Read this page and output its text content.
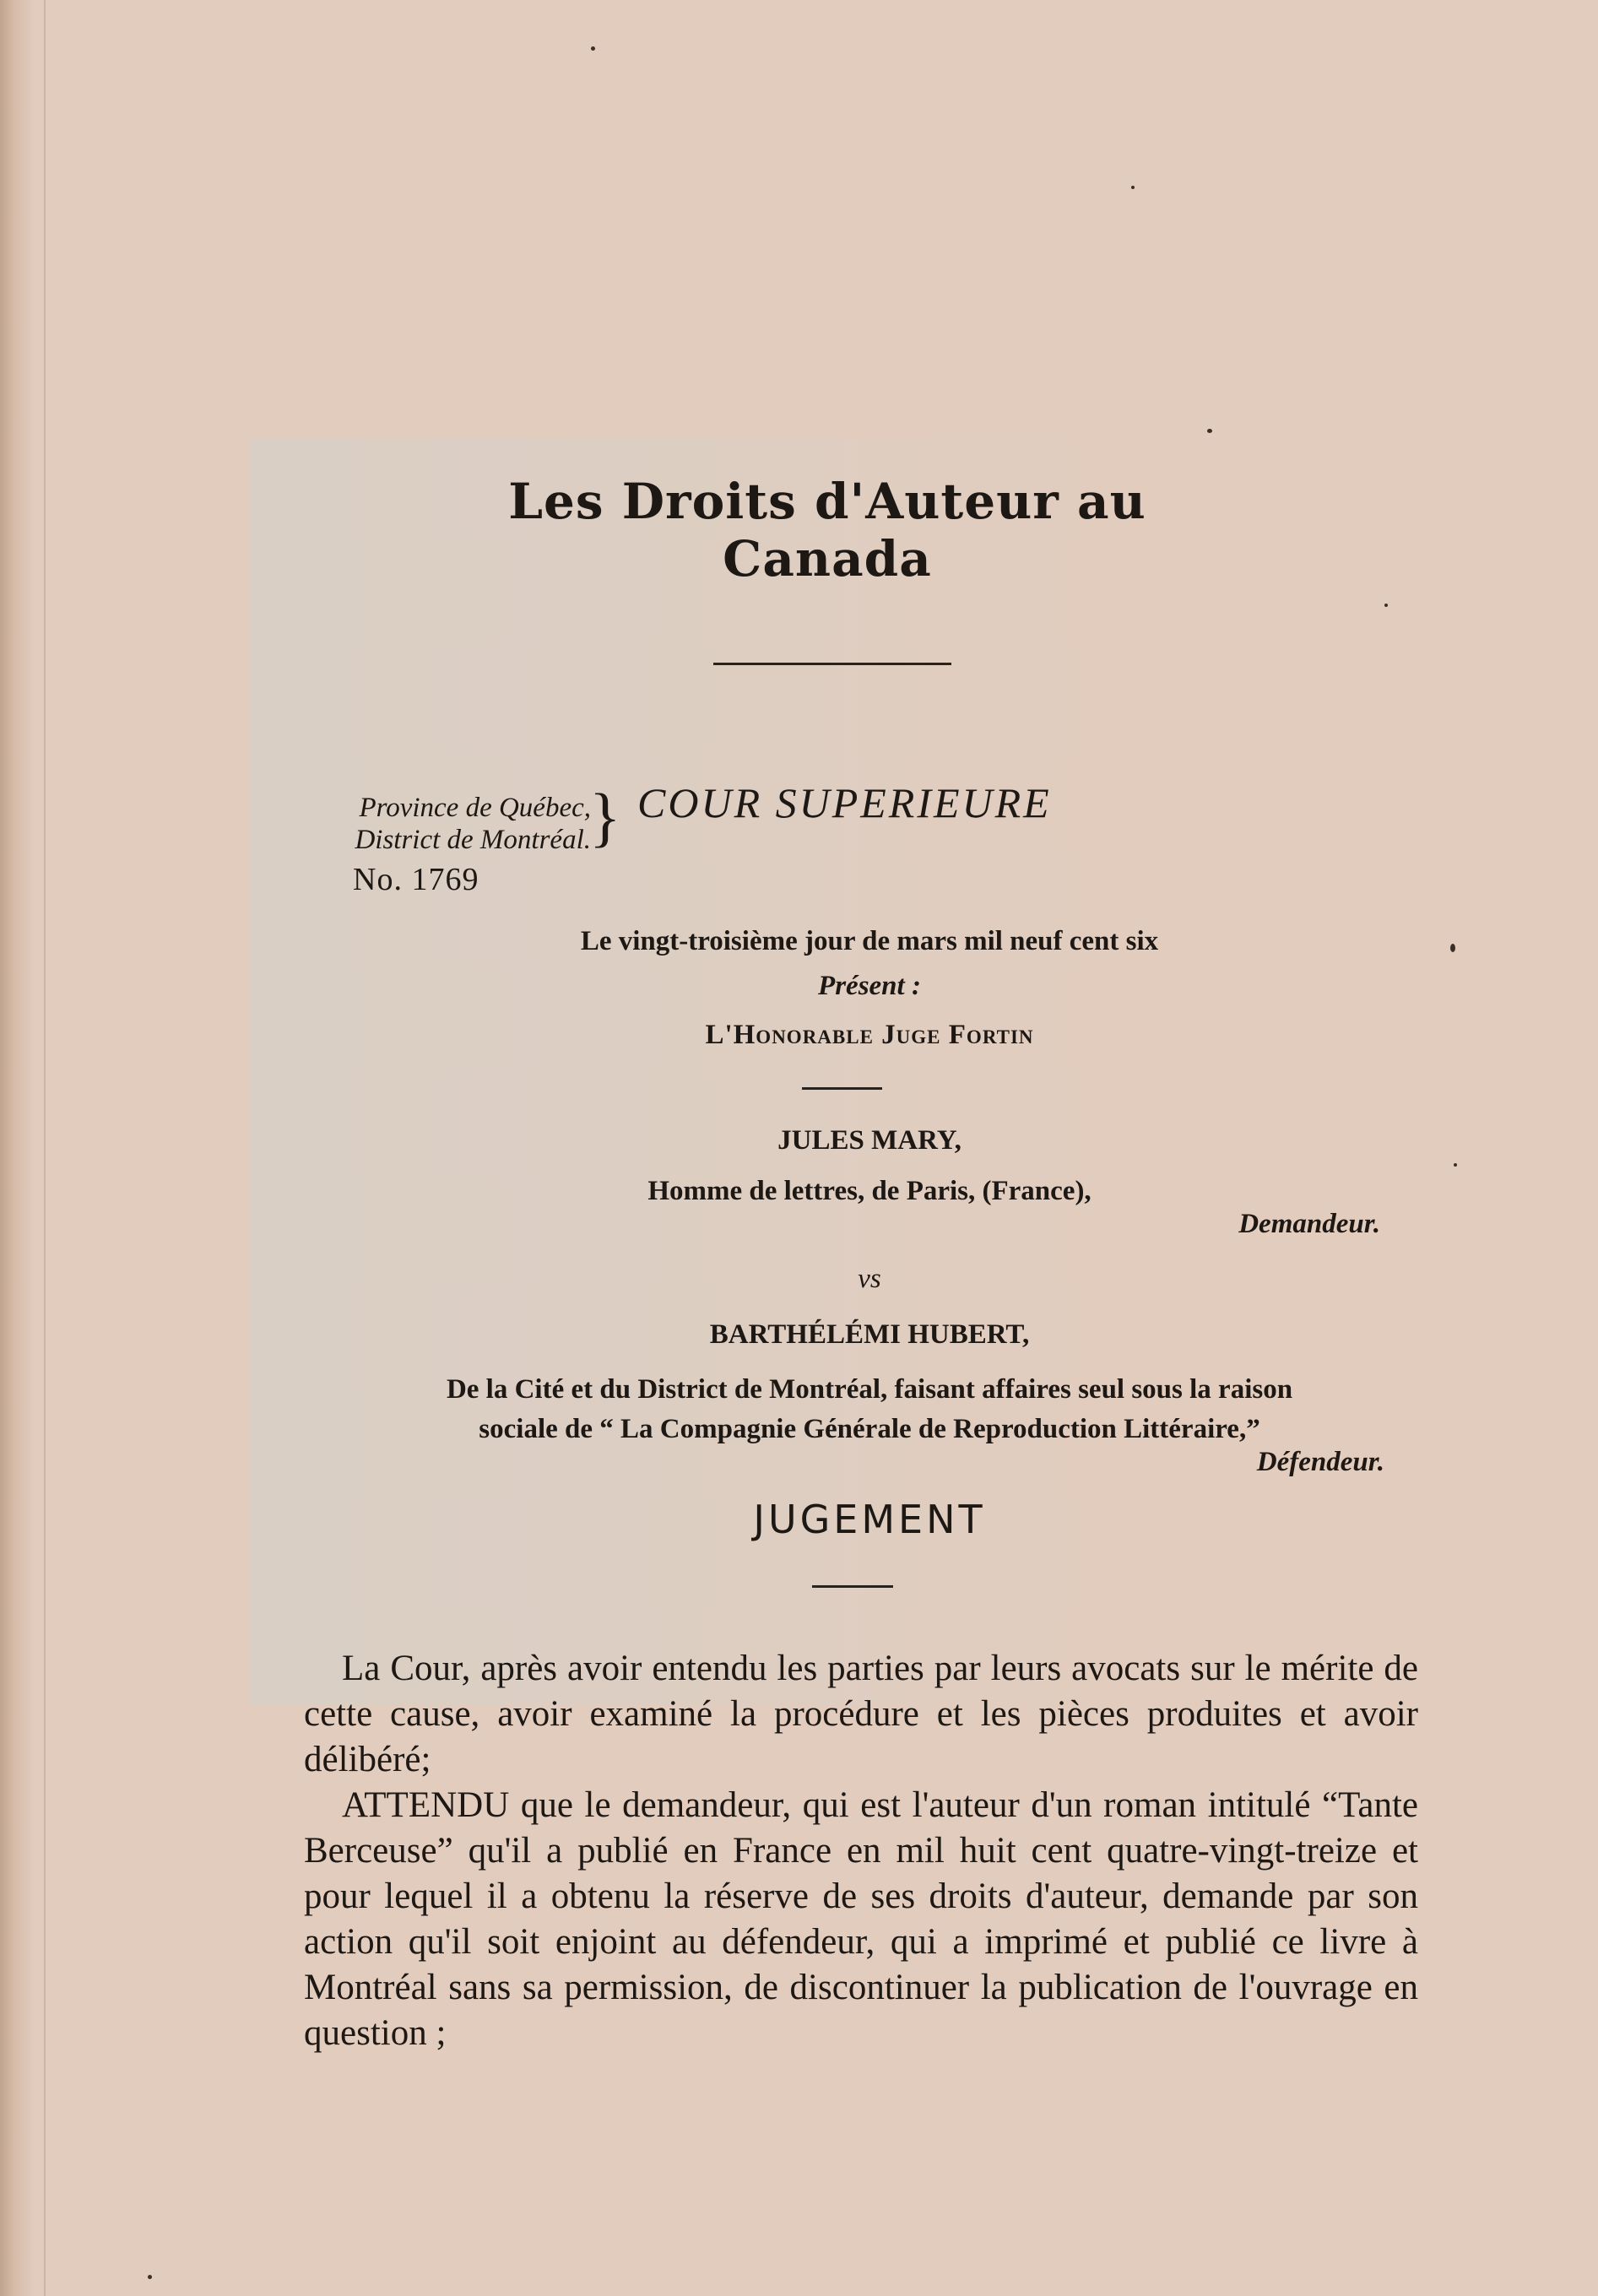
Les Droits d'Auteur au Canada
Province de Québec,
District de Montréal.
} COUR SUPERIEURE
No. 1769
Le vingt-troisième jour de mars mil neuf cent six
Présent :
L'Honorable Juge Fortin
JULES MARY,
Homme de lettres, de Paris, (France),
Demandeur.
vs
BARTHÉLÉMI HUBERT,
De la Cité et du District de Montréal, faisant affaires seul sous la raison
sociale de “ La Compagnie Générale de Reproduction Littéraire,”
Défendeur.
JUGEMENT

La Cour, après avoir entendu les parties par leurs avocats sur le mérite de cette cause, avoir examiné la procédure et les pièces produites et avoir délibéré;

ATTENDU que le demandeur, qui est l'auteur d'un roman intitulé “Tante Berceuse” qu'il a publié en France en mil huit cent quatre-vingt-treize et pour lequel il a obtenu la réserve de ses droits d'auteur, demande par son action qu'il soit enjoint au défendeur, qui a imprimé et publié ce livre à Montréal sans sa permission, de discontinuer la publication de l'ouvrage en question ;
